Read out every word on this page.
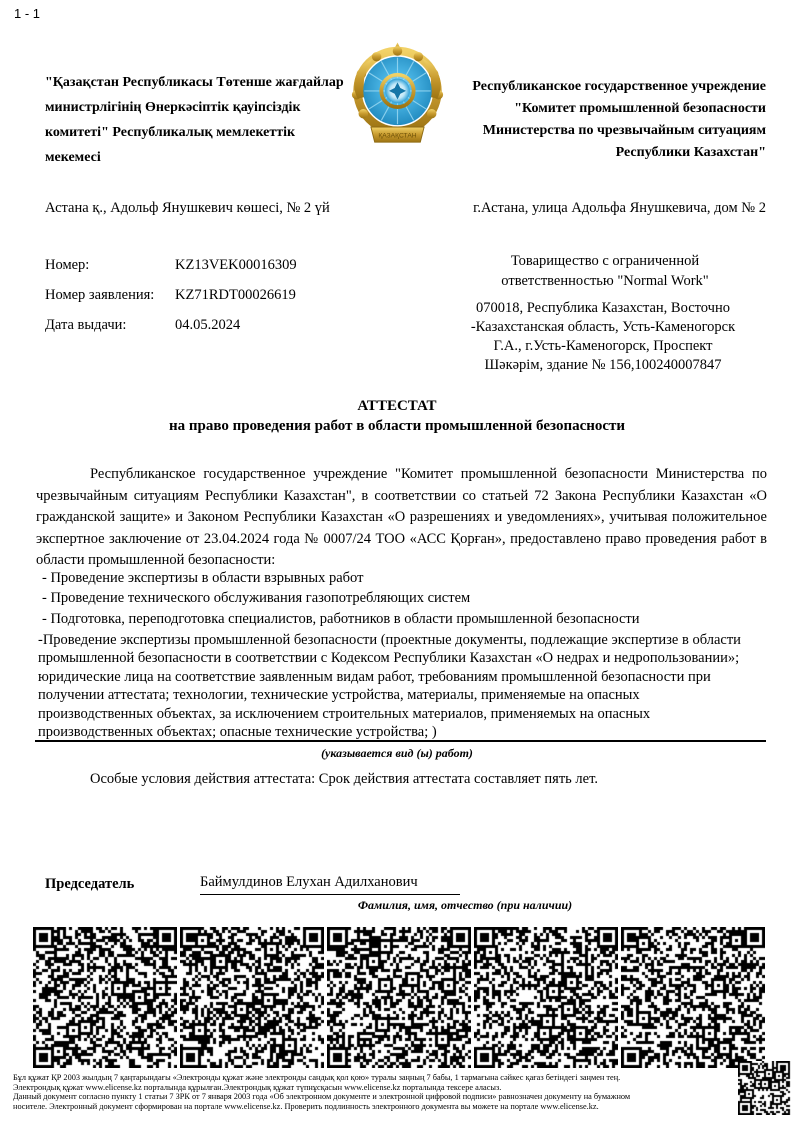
1 - 1
ҚАЗАҚСТАН
"Қазақстан Республикасы Төтенше жағдайлар министрлігінің Өнеркәсіптік қауіпсіздік комитеті" Республикалық мемлекеттік мекемесі
Республиканское государственное учреждение "Комитет промышленной безопасности Министерства по чрезвычайным ситуациям Республики Казахстан"
Астана қ., Адольф Янушкевич көшесі, № 2 үй	г.Астана, улица Адольфа Янушкевича, дом № 2
Номер:	KZ13VEK00016309
Номер заявления:	KZ71RDT00026619
Дата выдачи:	04.05.2024
Товарищество с ограниченной
ответственностью "Normal Work"
070018, Республика Казахстан, Восточно
-Казахстанская область, Усть-Каменогорск
Г.А., г.Усть-Каменогорск, Проспект
Шәкәрім, здание № 156,100240007847
АТТЕСТАТ
на право проведения работ в области промышленной безопасности
Республиканское государственное учреждение "Комитет промышленной безопасности Министерства по чрезвычайным ситуациям Республики Казахстан", в соответствии со статьей 72 Закона Республики Казахстан «О гражданской защите» и Законом Республики Казахстан «О разрешениях и уведомлениях», учитывая положительное экспертное заключение от 23.04.2024 года № 0007/24 ТОО «АСС Қорған», предоставлено право проведения работ в области промышленной безопасности:
- Проведение экспертизы в области взрывных работ
- Проведение технического обслуживания газопотребляющих систем
- Подготовка, переподготовка специалистов, работников в области промышленной безопасности
-Проведение экспертизы промышленной безопасности (проектные документы, подлежащие экспертизе в области промышленной безопасности в соответствии с Кодексом Республики Казахстан «О недрах и недропользовании»; юридические лица на соответствие заявленным видам работ, требованиям промышленной безопасности при получении аттестата; технологии, технические устройства, материалы, применяемые на опасных производственных объектах, за исключением строительных материалов, применяемых на опасных производственных объектах; опасные технические устройства; )
(указывается вид (ы) работ)
Особые условия действия аттестата: Срок действия аттестата составляет пять лет.
Председатель	Баймулдинов Елухан Адилханович
Фамилия, имя, отчество (при наличии)
Бұл құжат ҚР 2003 жылдың 7 қаңтарындағы «Электронды құжат және электронды сандық қол қою» туралы заңның 7 бабы, 1 тармағына сәйкес қағаз бетіндегі заңмен тең.
Электрондық құжат www.elicense.kz порталында құрылған.Электрондық құжат түпнұсқасын www.elicense.kz порталында тексере аласыз.
Данный документ согласно пункту 1 статьи 7 ЗРК от 7 января 2003 года «Об электронном документе и электронной цифровой подписи» равнозначен документу на бумажном
носителе. Электронный документ сформирован на портале www.elicense.kz. Проверить подлинность электронного документа вы можете на портале www.elicense.kz.
